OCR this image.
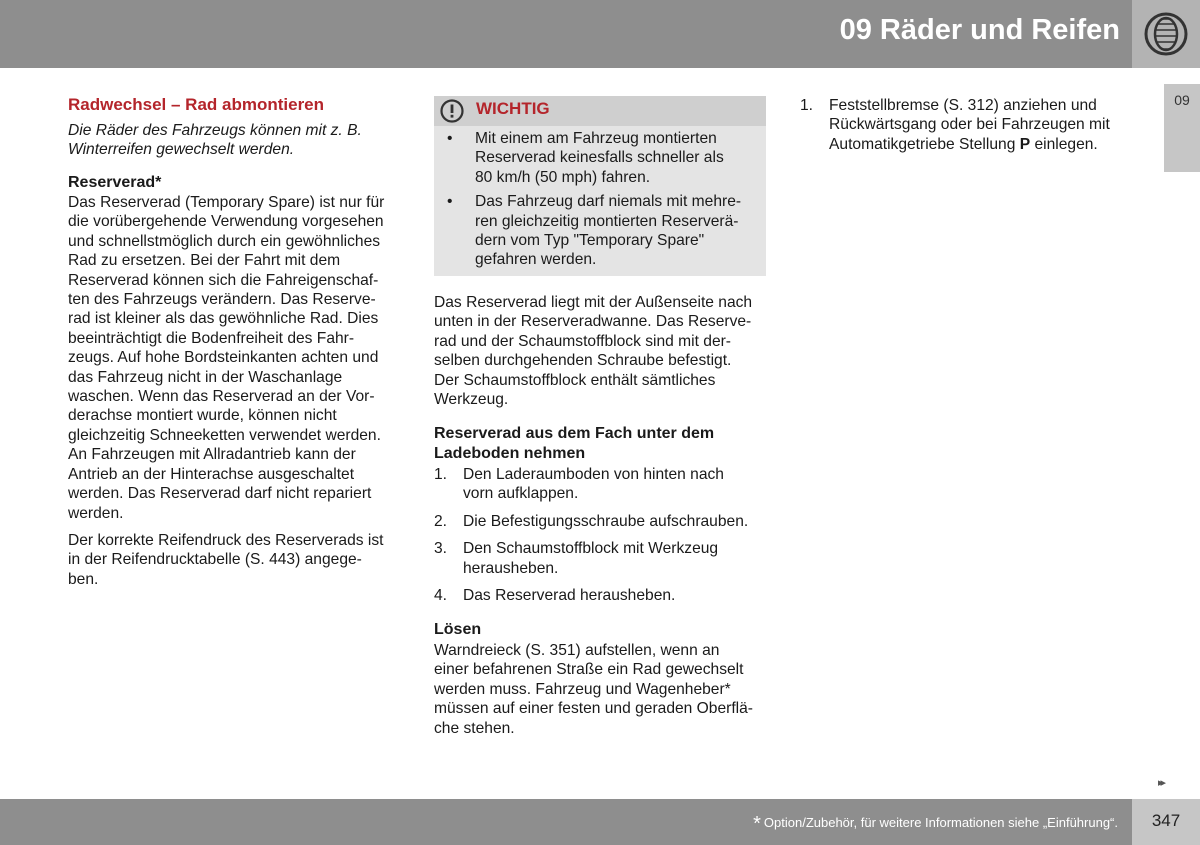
09 Räder und Reifen
09
Radwechsel – Rad abmontieren
Die Räder des Fahrzeugs können mit z. B.
Winterreifen gewechselt werden.
Reserverad*
Das Reserverad (Temporary Spare) ist nur für
die vorübergehende Verwendung vorgesehen
und schnellstmöglich durch ein gewöhnliches
Rad zu ersetzen. Bei der Fahrt mit dem
Reserverad können sich die Fahreigenschaf-
ten des Fahrzeugs verändern. Das Reserve-
rad ist kleiner als das gewöhnliche Rad. Dies
beeinträchtigt die Bodenfreiheit des Fahr-
zeugs. Auf hohe Bordsteinkanten achten und
das Fahrzeug nicht in der Waschanlage
waschen. Wenn das Reserverad an der Vor-
derachse montiert wurde, können nicht
gleichzeitig Schneeketten verwendet werden.
An Fahrzeugen mit Allradantrieb kann der
Antrieb an der Hinterachse ausgeschaltet
werden. Das Reserverad darf nicht repariert
werden.
Der korrekte Reifendruck des Reserverads ist
in der Reifendrucktabelle (S. 443) angege-
ben.
WICHTIG
• Mit einem am Fahrzeug montierten
Reserverad keinesfalls schneller als
80 km/h (50 mph) fahren.
• Das Fahrzeug darf niemals mit mehre-
ren gleichzeitig montierten Reserverä-
dern vom Typ "Temporary Spare"
gefahren werden.
Das Reserverad liegt mit der Außenseite nach
unten in der Reserveradwanne. Das Reserve-
rad und der Schaumstoffblock sind mit der-
selben durchgehenden Schraube befestigt.
Der Schaumstoffblock enthält sämtliches
Werkzeug.
Reserverad aus dem Fach unter dem
Ladeboden nehmen
1. Den Laderaumboden von hinten nach
vorn aufklappen.
2. Die Befestigungsschraube aufschrauben.
3. Den Schaumstoffblock mit Werkzeug
herausheben.
4. Das Reserverad herausheben.
Lösen
Warndreieck (S. 351) aufstellen, wenn an
einer befahrenen Straße ein Rad gewechselt
werden muss. Fahrzeug und Wagenheber*
müssen auf einer festen und geraden Oberflä-
che stehen.
1. Feststellbremse (S. 312) anziehen und
Rückwärtsgang oder bei Fahrzeugen mit
Automatikgetriebe Stellung P einlegen.
▸▸
* Option/Zubehör, für weitere Informationen siehe „Einführung“.	347
